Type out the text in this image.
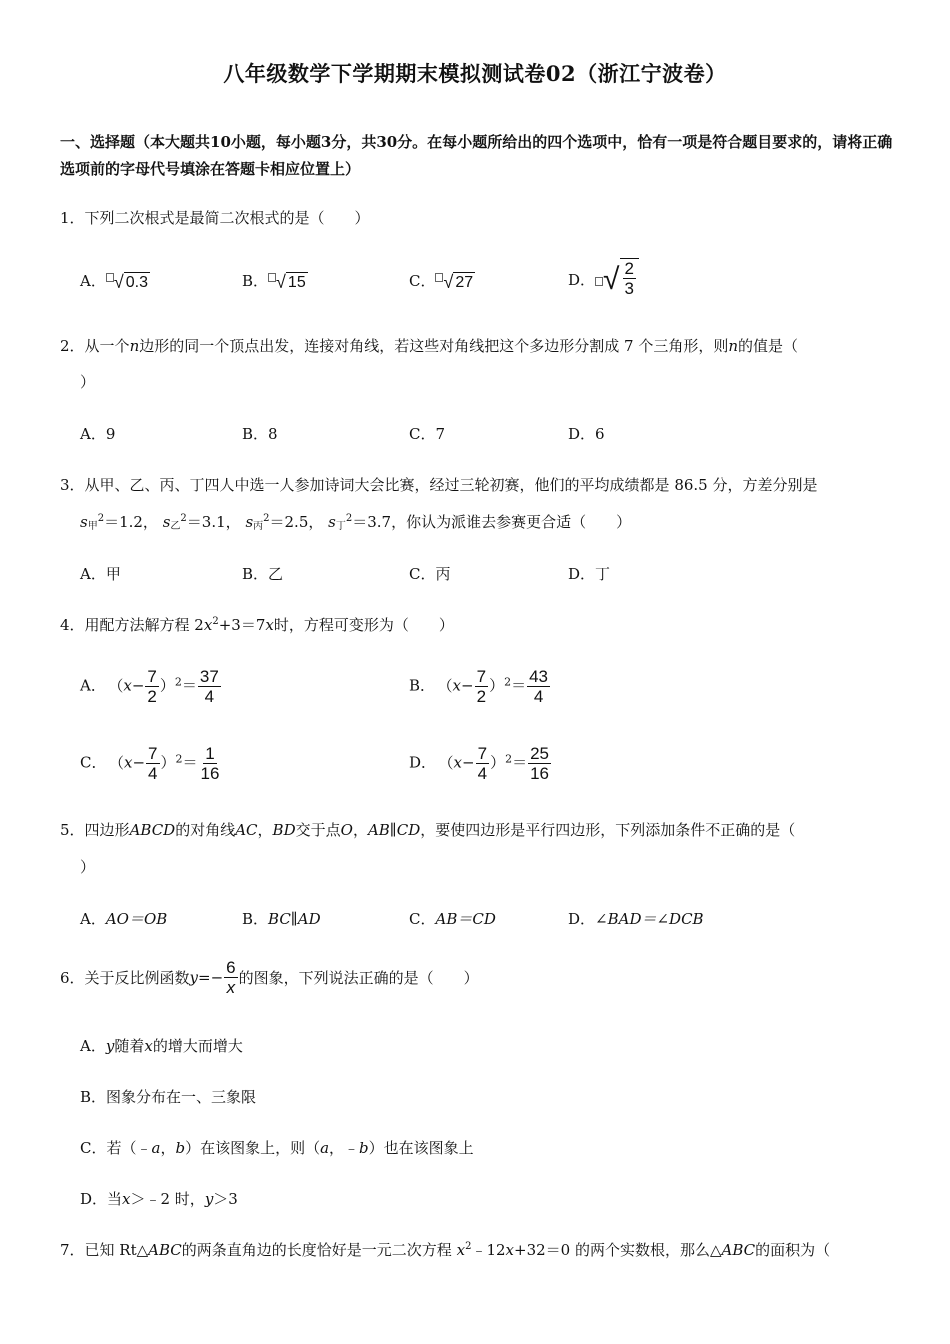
八年级数学下学期期末模拟测试卷02（浙江宁波卷）
一、选择题（本大题共10小题，每小题3分，共30分。在每小题所给出的四个选项中，恰有一项是符合题目要求的，请将正确选项前的字母代号填涂在答题卡相应位置上）
1．下列二次根式是最简二次根式的是（　　）
A． √ 0.3	B． √ 15	C． √ 27	D． √ $\frac{2}{3}$
2．从一个n边形的同一个顶点出发，连接对角线，若这些对角线把这个多边形分割成 7 个三角形，则n的值是（
）
A．9	B．8	C．7	D．6
3．从甲、乙、丙、丁四人中选一人参加诗词大会比赛，经过三轮初赛，他们的平均成绩都是 86.5 分，方差分别是
$s_甲^2=1.2$， $s_乙^2=3.1$， $s_丙^2=2.5$， $s_丁^2=3.7$，你认为派谁去参赛更合适（　　）
A．甲	B．乙	C．丙	D．丁
4．用配方法解方程 $2x^2+3=7x$时，方程可变形为（　　）
A． $(x- \frac{7}{2} )^2= \frac{37}{4}$	B． $(x- \frac{7}{2} )^2= \frac{43}{4}$
C． $(x- \frac{7}{4} )^2= \frac{1}{16}$	D． $(x- \frac{7}{4} )^2= \frac{25}{16}$
5．四边形ABCD的对角线AC，BD交于点O，AB∥CD，要使四边形是平行四边形，下列添加条件不正确的是（
）
A．AO＝OB	B．BC∥AD	C．AB＝CD	D．∠BAD＝∠DCB
6．关于反比例函数$y=- \frac{6}{x}$ 的图象，下列说法正确的是（　　）
A．y随着x的增大而增大
B．图象分布在一、三象限
C．若（﹣a，b）在该图象上，则（a，﹣b）也在该图象上
D．当x＞﹣2 时，y＞3
7．已知 Rt△ABC的两条直角边的长度恰好是一元二次方程 $x^2﹣12x+32=0$ 的两个实数根，那么△ABC的面积为（
